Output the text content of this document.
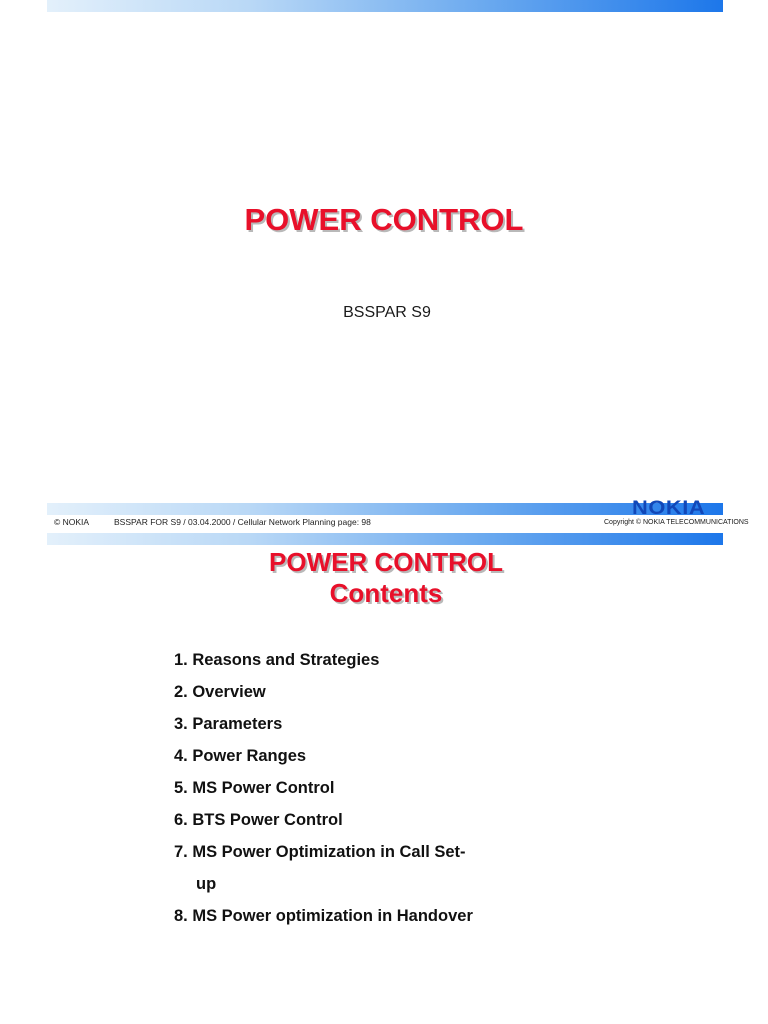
POWER CONTROL

BSSPAR S9

© NOKIA	BSSPAR FOR S9 / 03.04.2000 / Cellular Network Planning page: 98
NOKIA
Copyright © NOKIA TELECOMMUNICATIONS
POWER CONTROL
Contents
1. Reasons and Strategies
2. Overview
3. Parameters
4. Power Ranges
5. MS Power Control
6. BTS Power Control
7. MS Power Optimization in Call Set-
up
8. MS Power optimization in Handover
